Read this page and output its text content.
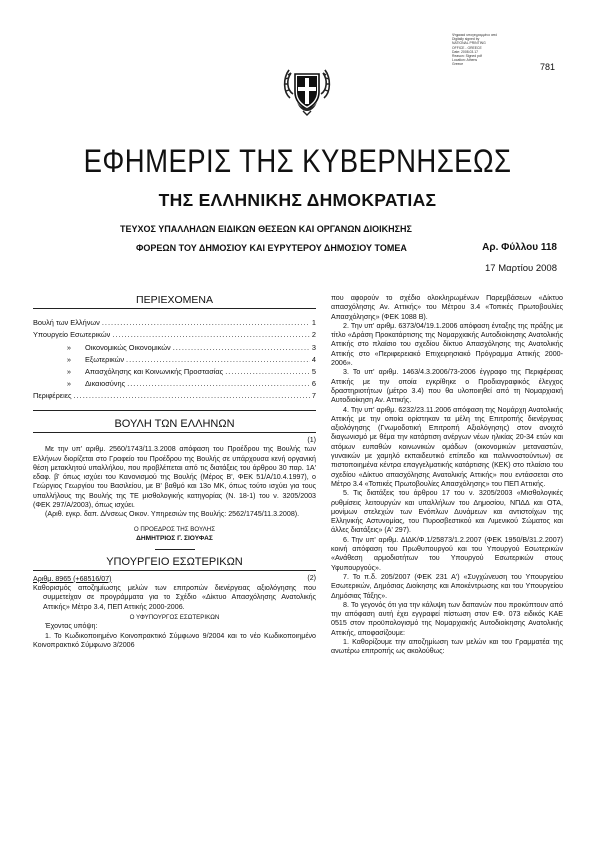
Ψηφιακά υπογεγραμμένο από
Digitally signed by
NATIONAL PRINTING
OFFICE - GREECE
Date: 2008.03.17
Reason: Signed pdf
Location: Athens
Greece	781
ΕΦΗΜΕΡΙΣ ΤΗΣ ΚΥΒΕΡΝΗΣΕΩΣ
ΤΗΣ ΕΛΛΗΝΙΚΗΣ ΔΗΜΟΚΡΑΤΙΑΣ
ΤΕΥΧΟΣ ΥΠΑΛΛΗΛΩΝ ΕΙΔΙΚΩΝ ΘΕΣΕΩΝ ΚΑΙ ΟΡΓΑΝΩΝ ΔΙΟΙΚΗΣΗΣ
ΦΟΡΕΩΝ ΤΟΥ ΔΗΜΟΣΙΟΥ ΚΑΙ ΕΥΡΥΤΕΡΟΥ ΔΗΜΟΣΙΟΥ ΤΟΜΕΑ	Αρ. Φύλλου 118
17 Μαρτίου 2008
ΠΕΡΙΕΧΟΜΕΝΑ
Βουλή των Ελλήνων .....	1
Υπουργείο Εσωτερικών .....	2
»	Οικονομικώς Οικονομικών .....	3
»	Εξωτερικών .....	4
»	Απασχόλησης και Κοινωνικής Προστασίας .....	5
»	Δικαιοσύνης .....	6
Περιφέρειες .....	7
ΒΟΥΛΗ ΤΩΝ ΕΛΛΗΝΩΝ

(1)

Με την υπ' αριθμ. 2560/1743/11.3.2008 απόφαση του Προέδρου της Βουλής των Ελλήνων διορίζεται στο Γραφείο του Προέδρου της Βουλής σε υπάρχουσα κενή οργανική θέση μετακλητού υπαλλήλου, που προβλέπεται από τις διατάξεις του άρθρου 30 παρ. 1Α' εδαφ. β' όπως ισχύει του Κανονισμού της Βουλής (Μέρος Β', ΦΕΚ 51/Α/10.4.1997), ο Γεώργιος Γεωργίου του Βασιλείου, με Β' βαθμό και 13ο ΜΚ, όπως τούτο ισχύει για τους υπαλλήλους της Βουλής της ΤΕ μισθολογικής κατηγορίας (Ν. 18-1) του ν. 3205/2003 (ΦΕΚ 297/Α/2003), όπως ισχύει.

(Αριθ. εγκρ. δαπ. Δ/νσεως Οικον. Υπηρεσιών της Βουλής: 2562/1745/11.3.2008).

Ο ΠΡΟΕΔΡΟΣ ΤΗΣ ΒΟΥΛΗΣ

ΔΗΜΗΤΡΙΟΣ Γ. ΣΙΟΥΦΑΣ

ΥΠΟΥΡΓΕΙΟ ΕΣΩΤΕΡΙΚΩΝ

(2)

Αριθμ. 8965 (+68516/07)

Καθορισμός αποζημίωσης μελών των επιτροπών διενέργειας αξιολόγησης που συμμετείχαν σε προγράμματα για το Σχέδιο «Δίκτυο Απασχόλησης Ανατολικής Αττικής» Μέτρο 3.4, ΠΕΠ Αττικής 2000-2006.

Ο ΥΦΥΠΟΥΡΓΟΣ ΕΣΩΤΕΡΙΚΩΝ

Έχοντας υπόψη:

1. Το Κωδικοποιημένο Κοινοπρακτικό Σύμφωνο 9/2004 και το νέο Κωδικοποιημένο Κοινοπρακτικό Σύμφωνο 3/2006

που αφορούν το σχέδιο ολοκληρωμένων Παρεμβάσεων «Δίκτυο απασχόλησης Αν. Αττικής» του Μέτρου 3.4 «Τοπικές Πρωτοβουλίες Απασχόλησης» (ΦΕΚ 1088 Β).

2. Την υπ' αριθμ. 6373/04/19.1.2006 απόφαση ένταξης της πράξης με τίτλο «Δράση Προκατάρτισης της Νομαρχιακής Αυτοδιοίκησης Ανατολικής Αττικής στο πλαίσιο του σχεδίου δίκτυο Απασχόλησης της Ανατολικής Αττικής στο «Περιφερειακό Επιχειρησιακό Πρόγραμμα Αττικής 2000-2006».

3. Το υπ' αριθμ. 1463/4.3.2006/73-2006 έγγραφο της Περιφέρειας Αττικής με την οποία εγκρίθηκε ο Προδιαγραφικός έλεγχος δραστηριοτήτων (μέτρο 3.4) που θα υλοποιηθεί από τη Νομαρχιακή Αυτοδιοίκηση Αν. Αττικής.

4. Την υπ' αριθμ. 6232/23.11.2006 απόφαση της Νομάρχη Ανατολικής Αττικής με την οποία ορίστηκαν τα μέλη της Επιτροπής διενέργειας αξιολόγησης (Γνωμοδοτική Επιτροπή Αξιολόγησης) στον ανοιχτό διαγωνισμό με θέμα την κατάρτιση ανέργων νέων ηλικίας 20-34 ετών και ατόμων ευπαθών κοινωνικών ομάδων (οικονομικών μεταναστών, γυναικών με χαμηλό εκπαιδευτικό επίπεδο και παλιννοστούντων) σε πιστοποιημένα κέντρα επαγγελματικής κατάρτισης (ΚΕΚ) στο πλαίσιο του σχεδίου «Δίκτυο απασχόλησης Ανατολικής Αττικής» που εντάσσεται στο Μέτρο 3.4 «Τοπικές Πρωτοβουλίες Απασχόλησης» του ΠΕΠ Αττικής.

5. Τις διατάξεις του άρθρου 17 του ν. 3205/2003 «Μισθολογικές ρυθμίσεις λειτουργών και υπαλλήλων του Δημοσίου, ΝΠΔΔ και ΟΤΑ, μονίμων στελεχών των Ενόπλων Δυνάμεων και αντιστοίχων της Ελληνικής Αστυνομίας, του Πυροσβεστικού και Λιμενικού Σώματος και άλλες διατάξεις» (Α' 297).

6. Την υπ' αριθμ. ΔΙΔΚ/Φ.1/25873/1.2.2007 (ΦΕΚ 1950/Β/31.2.2007) κοινή απόφαση του Πρωθυπουργού και του Υπουργού Εσωτερικών «Ανάθεση αρμοδιοτήτων του Υπουργού Εσωτερικών στους Υφυπουργούς».

7. Το π.δ. 205/2007 (ΦΕΚ 231 Α') «Συγχώνευση του Υπουργείου Εσωτερικών, Δημόσιας Διοίκησης και Αποκέντρωσης και του Υπουργείου Δημόσιας Τάξης».

8. Το γεγονός ότι για την κάλυψη των δαπανών που προκύπτουν από την απόφαση αυτή έχει εγγραφεί πίστωση στον ΕΦ. 073 ειδικός ΚΑΕ 0515 στον προϋπολογισμό της Νομαρχιακής Αυτοδιοίκησης Ανατολικής Αττικής, αποφασίζουμε:

1. Καθορίζουμε την αποζημίωση των μελών και του Γραμματέα της ανωτέρω επιτροπής ως ακολούθως:
